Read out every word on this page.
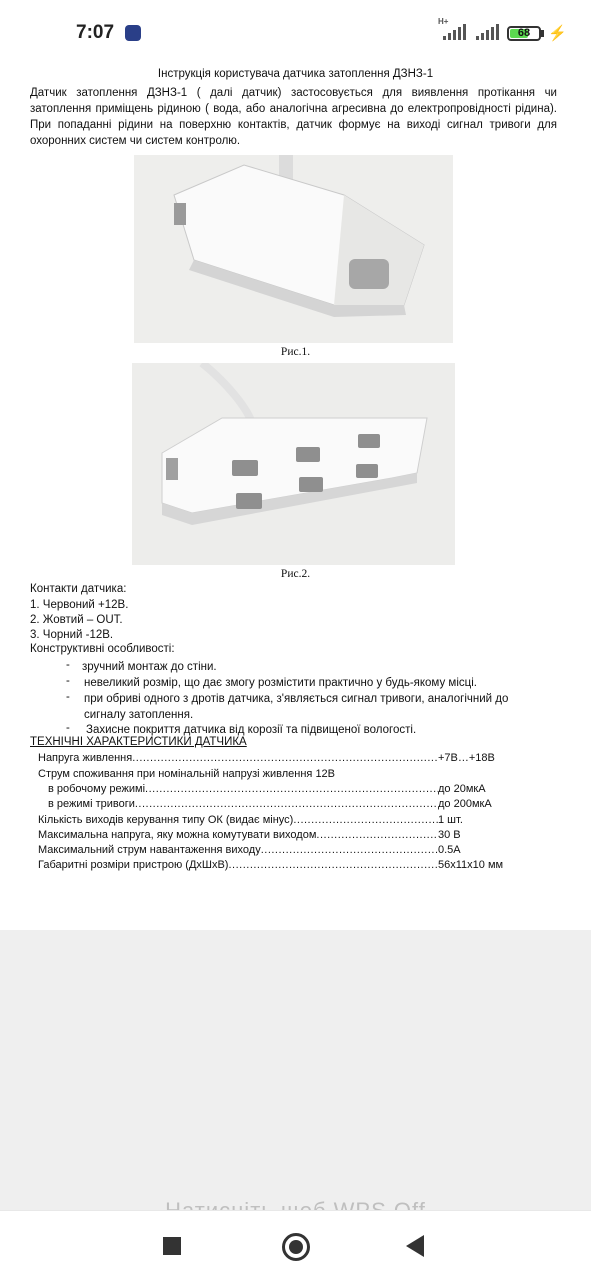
7:07
H+
68	⚡
Інструкція користувача датчика затоплення ДЗНЗ-1

Датчик затоплення ДЗНЗ-1 ( далі датчик) застосовується для виявлення протікання чи затоплення приміщень рідиною ( вода, або аналогічна агресивна до електропровідності рідина). При попаданні рідини на поверхню контактів, датчик формує на виході сигнал тривоги для охоронних систем чи систем контролю.

Рис.1.
Рис.2.
Контакти датчика:
1. Червоний +12В.
2. Жовтий – OUT.
3. Чорний -12В.
Конструктивні особливості:
- зручний монтаж до стіни.
- невеликий розмір, що дає змогу розмістити практично у будь-якому місці.
- при обриві одного з дротів датчика, з'являється сигнал тривоги, аналогічний до сигналу затоплення.
- Захисне покриття датчика від корозії та підвищеної вологості.
ТЕХНІЧНІ ХАРАКТЕРИСТИКИ ДАТЧИКА
Напруга живлення .....	+7В…+18В
Струм споживання при номінальній напрузі живлення 12В
в робочому режимі .....	до 20мкА
в режимі тривоги .....	до 200мкА
Кількість виходів керування типу ОК (видає мінус) .....	1 шт.
Максимальна напруга, яку можна комутувати виходом .....	30 В
Максимальний струм навантаження виходу .....	0.5А
Габаритні розміри пристрою (ДхШхВ) .....	56х11х10 мм
